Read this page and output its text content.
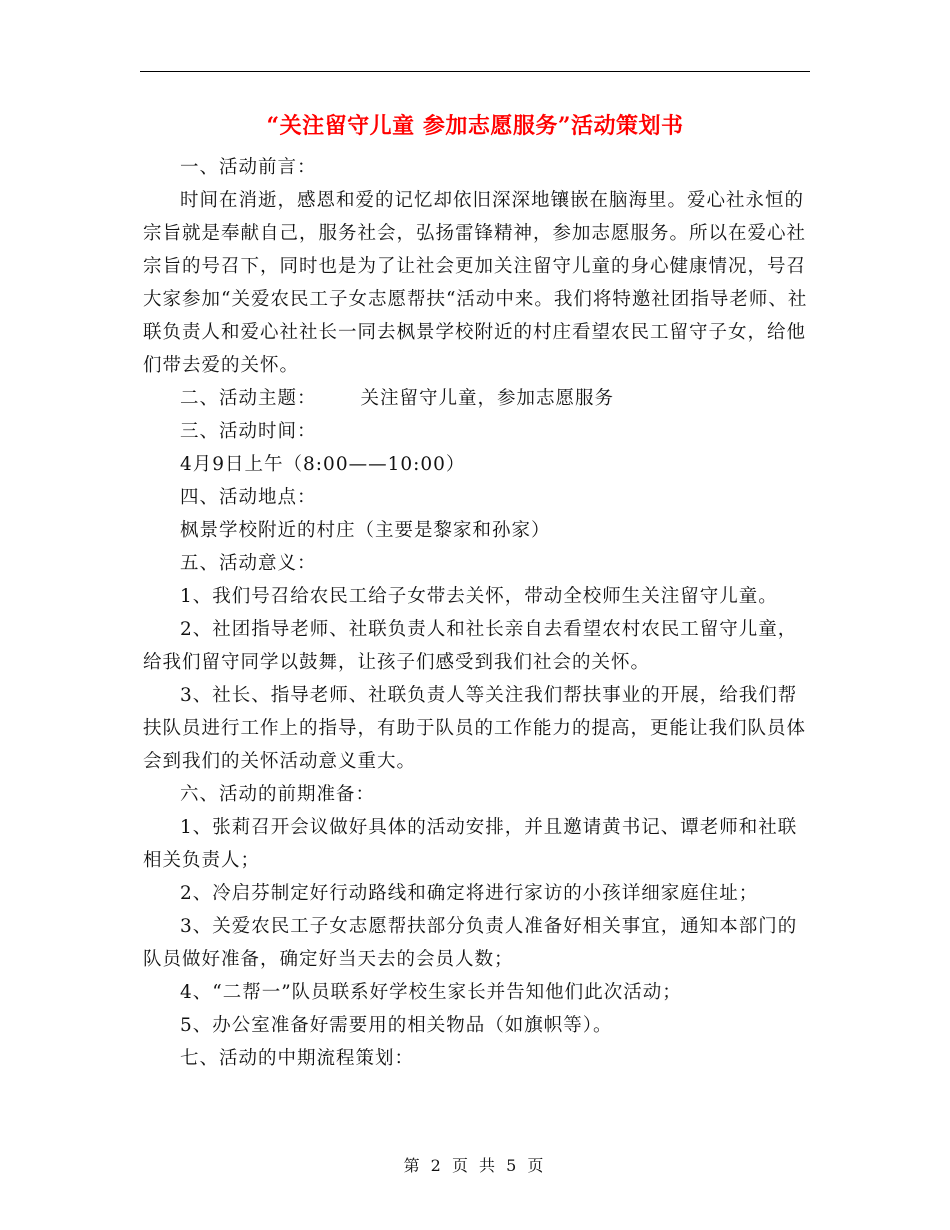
“关注留守儿童 参加志愿服务”活动策划书

一、活动前言：

时间在消逝，感恩和爱的记忆却依旧深深地镶嵌在脑海里。爱心社永恒的宗旨就是奉献自己，服务社会，弘扬雷锋精神，参加志愿服务。所以在爱心社宗旨的号召下，同时也是为了让社会更加关注留守儿童的身心健康情况，号召大家参加“关爱农民工子女志愿帮扶“活动中来。我们将特邀社团指导老师、社联负责人和爱心社社长一同去枫景学校附近的村庄看望农民工留守子女，给他们带去爱的关怀。

二、活动主题： 关注留守儿童，参加志愿服务

三、活动时间：

4月9日上午（8:00——10:00）

四、活动地点：

枫景学校附近的村庄（主要是黎家和孙家）

五、活动意义：

1、我们号召给农民工给子女带去关怀，带动全校师生关注留守儿童。

2、社团指导老师、社联负责人和社长亲自去看望农村农民工留守儿童，给我们留守同学以鼓舞，让孩子们感受到我们社会的关怀。

3、社长、指导老师、社联负责人等关注我们帮扶事业的开展，给我们帮扶队员进行工作上的指导，有助于队员的工作能力的提高，更能让我们队员体会到我们的关怀活动意义重大。

六、活动的前期准备：

1、张莉召开会议做好具体的活动安排，并且邀请黄书记、谭老师和社联相关负责人；

2、冷启芬制定好行动路线和确定将进行家访的小孩详细家庭住址；

3、关爱农民工子女志愿帮扶部分负责人准备好相关事宜，通知本部门的队员做好准备，确定好当天去的会员人数；

4、“二帮一”队员联系好学校生家长并告知他们此次活动；

5、办公室准备好需要用的相关物品（如旗帜等）。

七、活动的中期流程策划：

第 2 页 共 5 页
